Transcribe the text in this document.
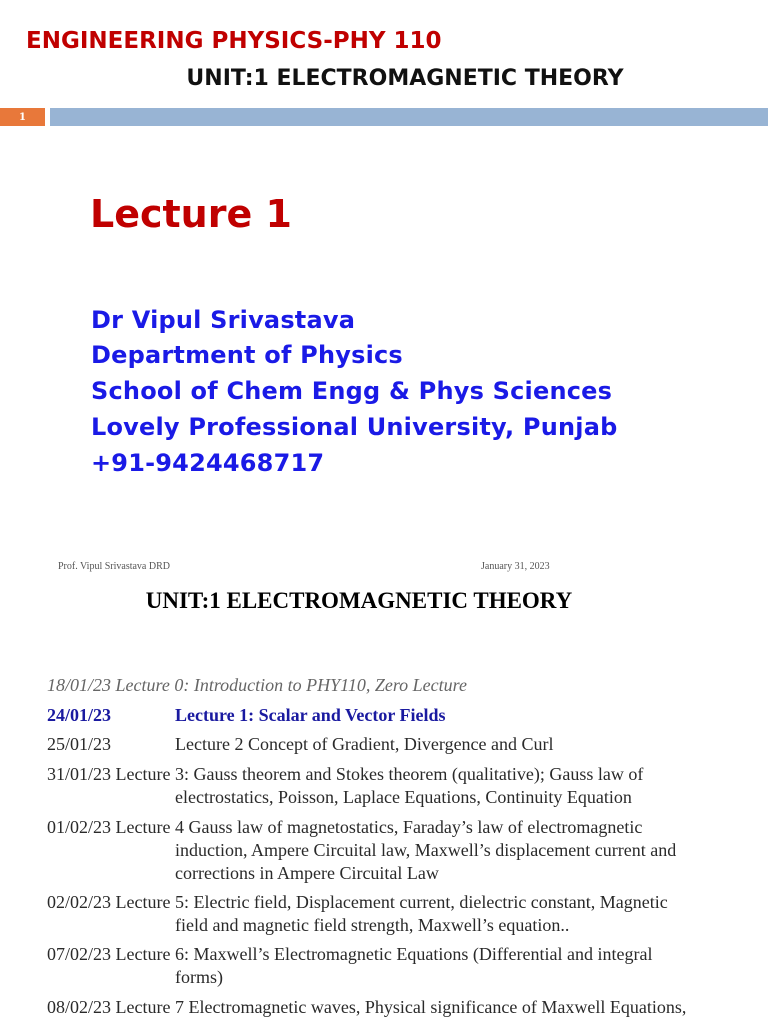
ENGINEERING PHYSICS-PHY 110
UNIT:1 ELECTROMAGNETIC THEORY
1
Lecture 1
Dr Vipul Srivastava
Department of Physics
School of Chem Engg & Phys Sciences
Lovely Professional University, Punjab
+91-9424468717
Prof. Vipul Srivastava DRD	January 31, 2023
UNIT:1 ELECTROMAGNETIC THEORY
18/01/23 Lecture 0: Introduction to PHY110, Zero Lecture
24/01/23	Lecture 1: Scalar and Vector Fields
25/01/23	Lecture 2 Concept of Gradient, Divergence and Curl
31/01/23 Lecture 3: Gauss theorem and Stokes theorem (qualitative); Gauss law of
electrostatics, Poisson, Laplace Equations, Continuity Equation
01/02/23 Lecture 4 Gauss law of magnetostatics, Faraday’s law of electromagnetic
induction, Ampere Circuital law, Maxwell’s displacement current and
corrections in Ampere Circuital Law
02/02/23 Lecture 5: Electric field, Displacement current, dielectric constant, Magnetic
field and magnetic field strength, Maxwell’s equation..
07/02/23 Lecture 6: Maxwell’s Electromagnetic Equations (Differential and integral
forms)
08/02/23 Lecture 7 Electromagnetic waves, Physical significance of Maxwell Equations,
